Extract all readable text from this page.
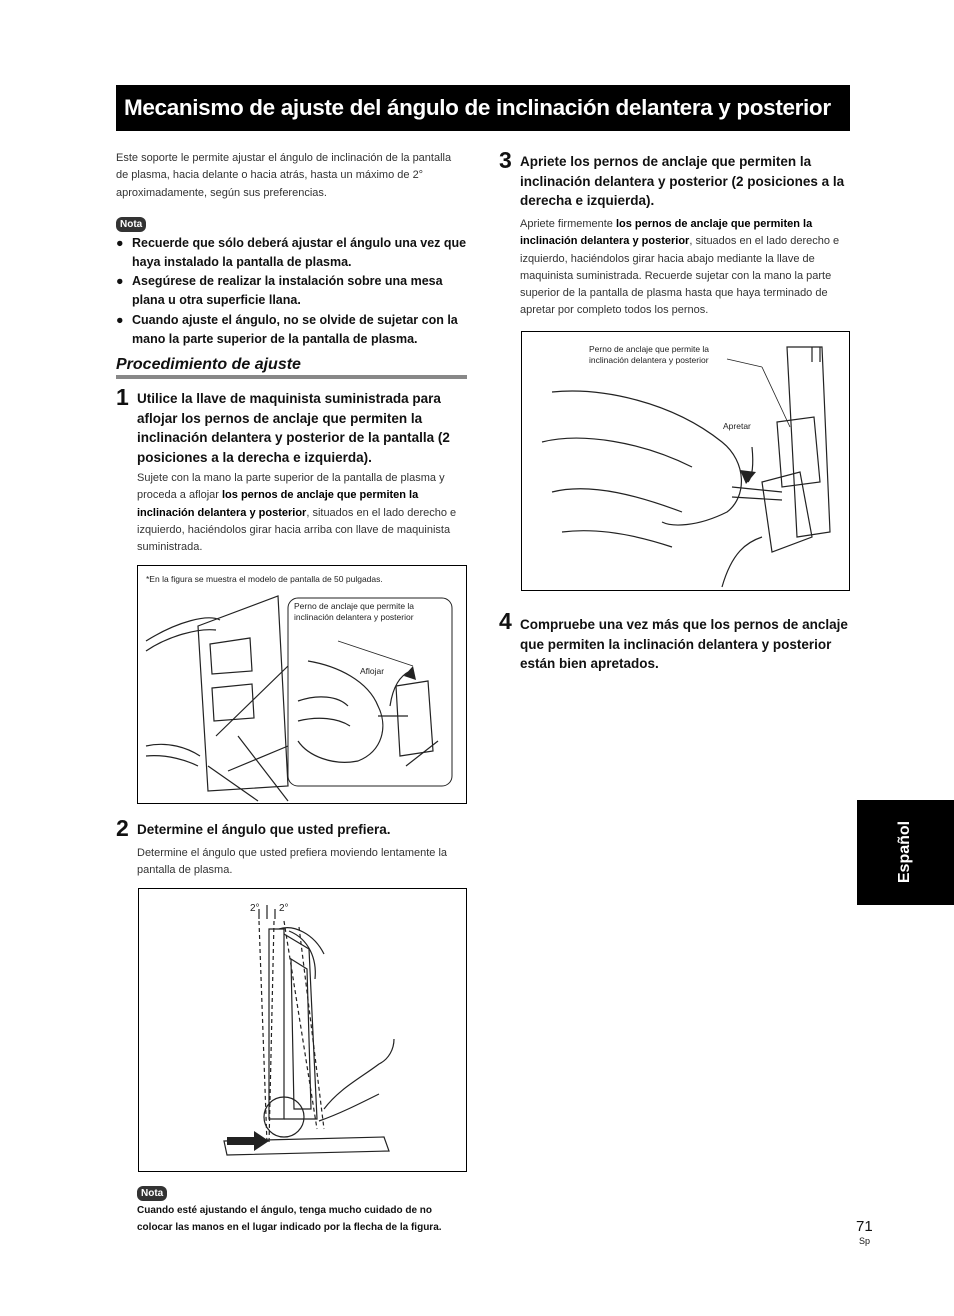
Mecanismo de ajuste del ángulo de inclinación delantera y posterior
Este soporte le permite ajustar el ángulo de inclinación de la pantalla de plasma, hacia delante o hacia atrás, hasta un máximo de 2° aproximadamente, según sus preferencias.
Nota
● Recuerde que sólo deberá ajustar el ángulo una vez que haya instalado la pantalla de plasma.
● Asegúrese de realizar la instalación sobre una mesa plana u otra superficie llana.
● Cuando ajuste el ángulo, no se olvide de sujetar con la mano la parte superior de la pantalla de plasma.
Procedimiento de ajuste
1 Utilice la llave de maquinista suministrada para aflojar los pernos de anclaje que permiten la inclinación delantera y posterior de la pantalla (2 posiciones a la derecha e izquierda).
Sujete con la mano la parte superior de la pantalla de plasma y proceda a aflojar los pernos de anclaje que permiten la inclinación delantera y posterior, situados en el lado derecho e izquierdo, haciéndolos girar hacia arriba con llave de maquinista suministrada.
*En la figura se muestra el modelo de pantalla de 50 pulgadas.
Perno de anclaje que permite la inclinación delantera y posterior
Aflojar
2 Determine el ángulo que usted prefiera.
Determine el ángulo que usted prefiera moviendo lentamente la pantalla de plasma.
2° 2°
Nota
Cuando esté ajustando el ángulo, tenga mucho cuidado de no colocar las manos en el lugar indicado por la flecha de la figura.
3 Apriete los pernos de anclaje que permiten la inclinación delantera y posterior (2 posiciones a la derecha e izquierda).
Apriete firmemente los pernos de anclaje que permiten la inclinación delantera y posterior, situados en el lado derecho e izquierdo, haciéndolos girar hacia abajo mediante la llave de maquinista suministrada. Recuerde sujetar con la mano la parte superior de la pantalla de plasma hasta que haya terminado de apretar por completo todos los pernos.
Perno de anclaje que permite la inclinación delantera y posterior
Apretar
4 Compruebe una vez más que los pernos de anclaje que permiten la inclinación delantera y posterior están bien apretados.
Español
71
Sp
